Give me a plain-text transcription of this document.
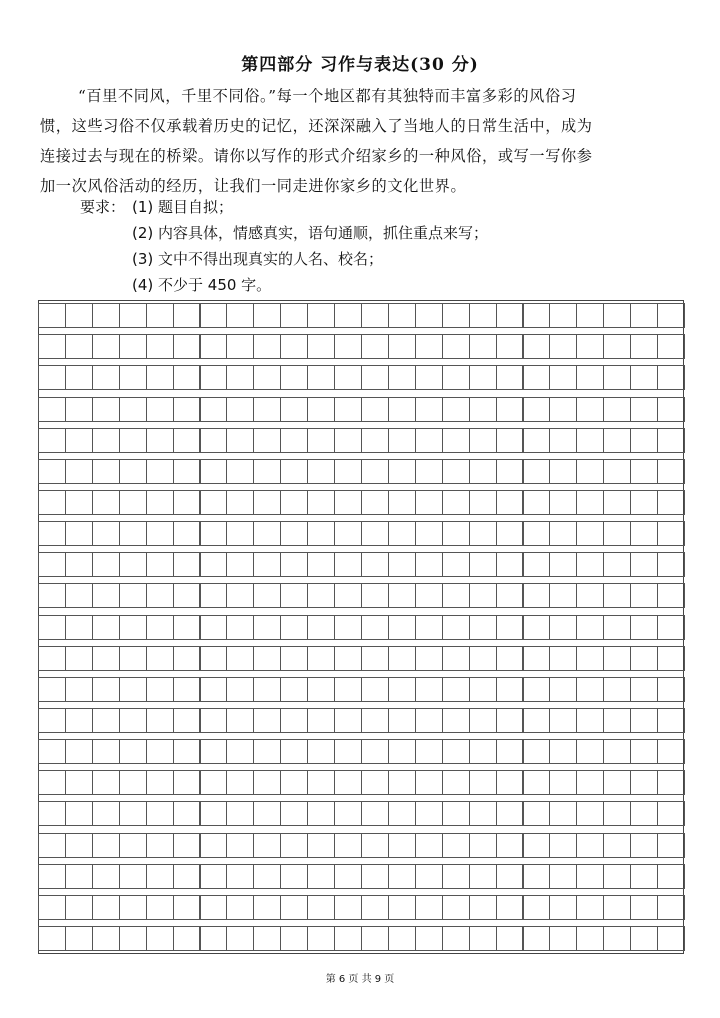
第四部分 习作与表达(30 分)
“百里不同风，千里不同俗。”每一个地区都有其独特而丰富多彩的风俗习
惯，这些习俗不仅承载着历史的记忆，还深深融入了当地人的日常生活中，成为
连接过去与现在的桥梁。请你以写作的形式介绍家乡的一种风俗，或写一写你参
加一次风俗活动的经历，让我们一同走进你家乡的文化世界。
要求： (1) 题目自拟；
(2) 内容具体，情感真实，语句通顺，抓住重点来写；
(3) 文中不得出现真实的人名、校名；
(4) 不少于 450 字。
第 6 页 共 9 页
